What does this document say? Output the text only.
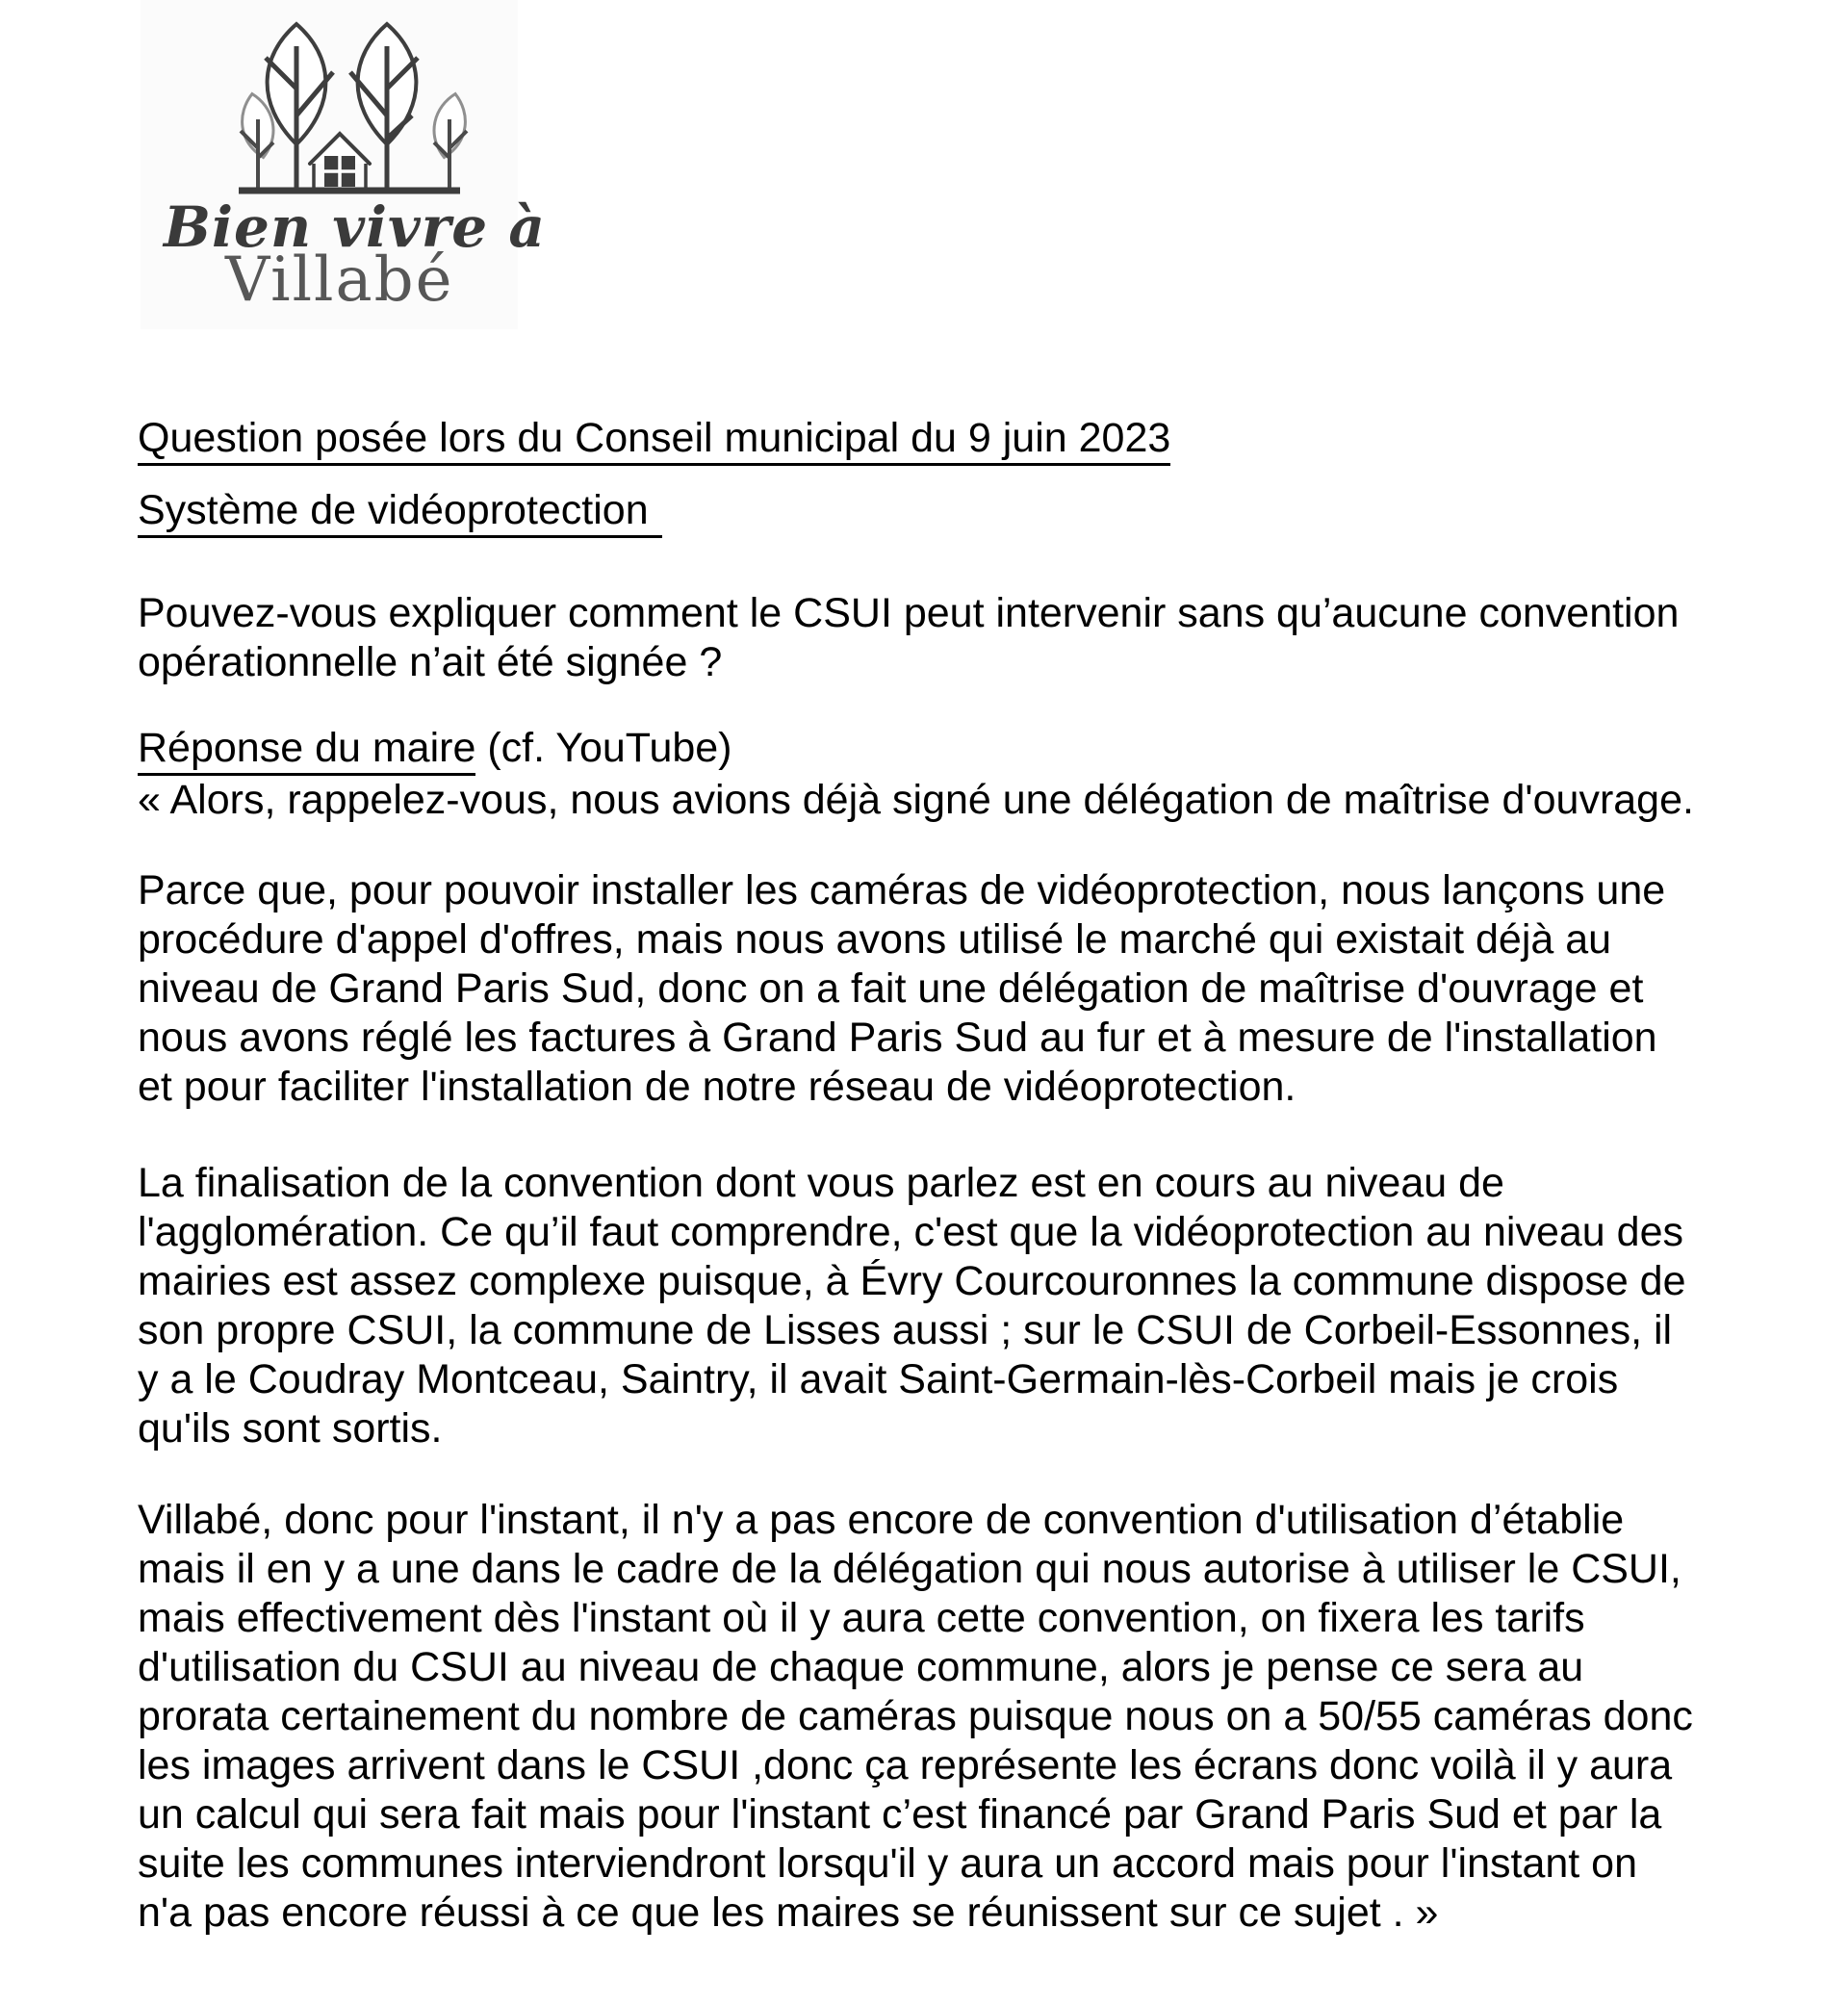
Bien vivre à
Villabé
Question posée lors du Conseil municipal du 9 juin 2023
Système de vidéoprotection
Pouvez-vous expliquer comment le CSUI peut intervenir sans qu’aucune convention
opérationnelle n’ait été signée ?
Réponse du maire (cf. YouTube)
« Alors, rappelez-vous, nous avions déjà signé une délégation de maîtrise d'ouvrage.
Parce que, pour pouvoir installer les caméras de vidéoprotection, nous lançons une
procédure d'appel d'offres, mais nous avons utilisé le marché qui existait déjà au
niveau de Grand Paris Sud, donc on a fait une délégation de maîtrise d'ouvrage et
nous avons réglé les factures à Grand Paris Sud au fur et à mesure de l'installation
et pour faciliter l'installation de notre réseau de vidéoprotection.
La finalisation de la convention dont vous parlez est en cours au niveau de
l'agglomération. Ce qu’il faut comprendre, c'est que la vidéoprotection au niveau des
mairies est assez complexe puisque, à Évry Courcouronnes la commune dispose de
son propre CSUI, la commune de Lisses aussi ; sur le CSUI de Corbeil-Essonnes, il
y a le Coudray Montceau, Saintry, il avait Saint-Germain-lès-Corbeil mais je crois
qu'ils sont sortis.
Villabé, donc pour l'instant, il n'y a pas encore de convention d'utilisation d’établie
mais il en y a une dans le cadre de la délégation qui nous autorise à utiliser le CSUI,
mais effectivement dès l'instant où il y aura cette convention, on fixera les tarifs
d'utilisation du CSUI au niveau de chaque commune, alors je pense ce sera au
prorata certainement du nombre de caméras puisque nous on a 50/55 caméras donc
les images arrivent dans le CSUI ,donc ça représente les écrans donc voilà il y aura
un calcul qui sera fait mais pour l'instant c’est financé par Grand Paris Sud et par la
suite les communes interviendront lorsqu'il y aura un accord mais pour l'instant on
n'a pas encore réussi à ce que les maires se réunissent sur ce sujet . »
